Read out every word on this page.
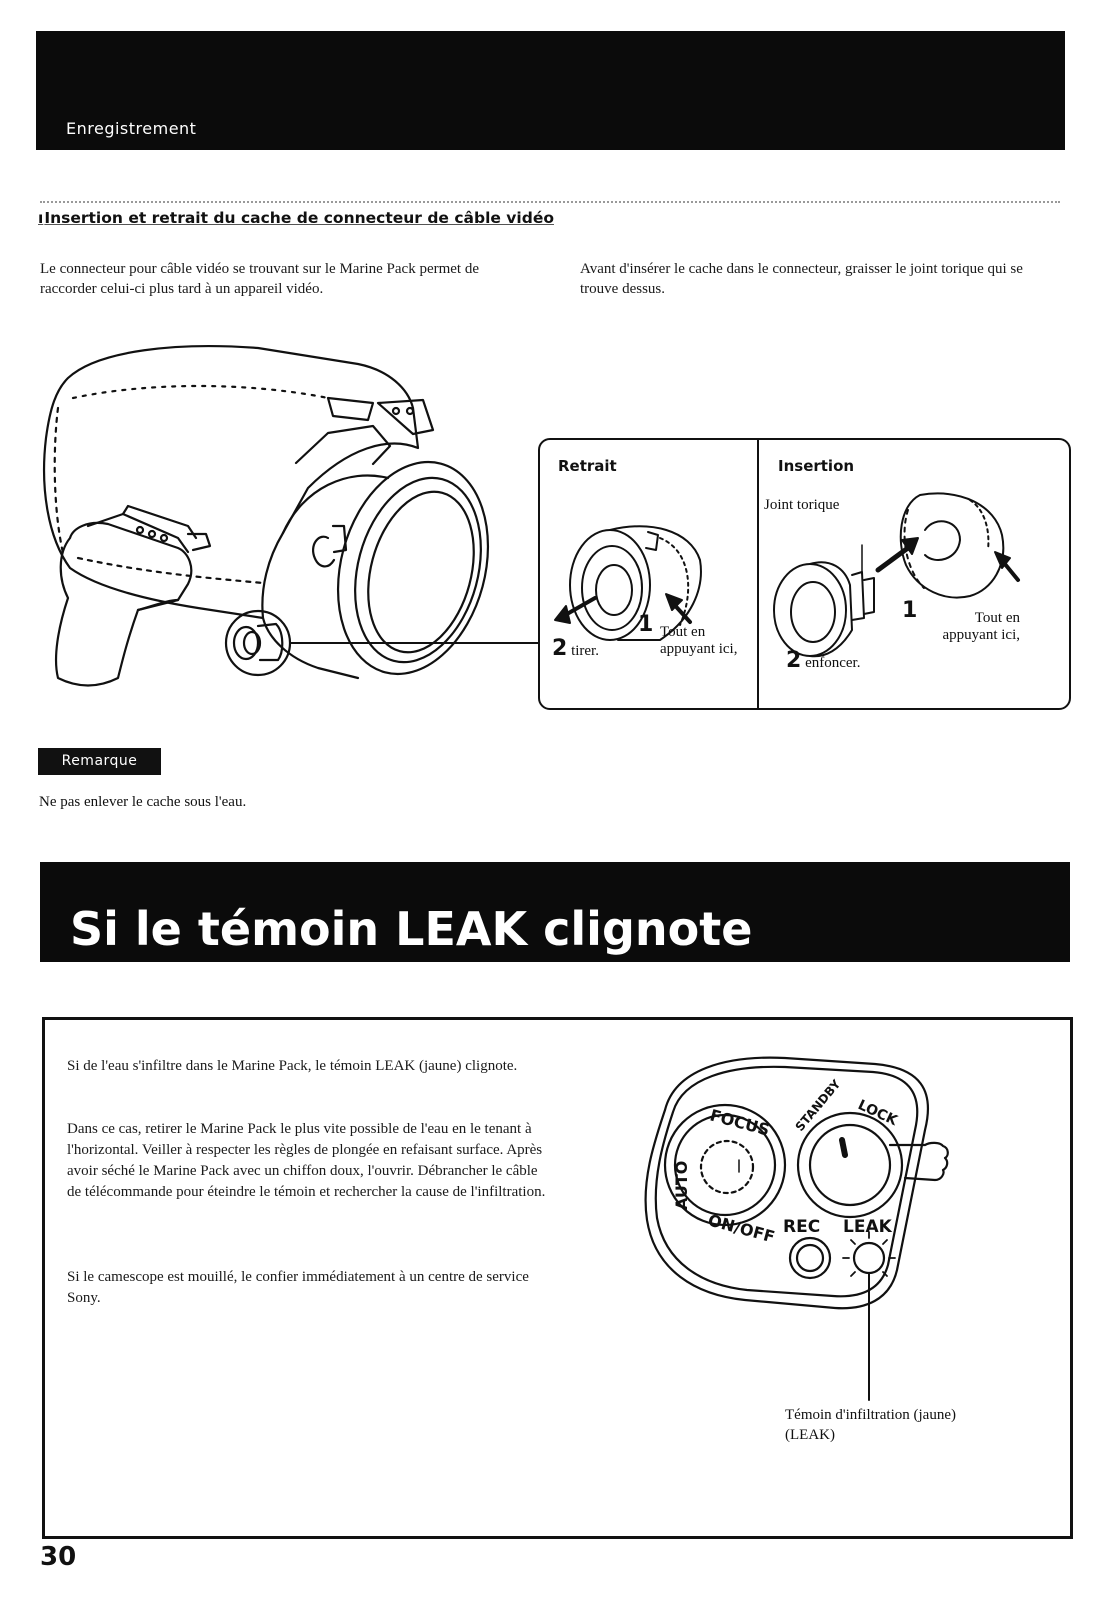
Enregistrement
ıInsertion et retrait du cache de connecteur de câble vidéo

Le connecteur pour câble vidéo se trouvant sur le Marine Pack permet de raccorder celui-ci plus tard à un appareil vidéo.

Avant d'insérer le cache dans le connecteur, graisser le joint torique qui se trouve dessus.

Retrait	Insertion
1 Tout en appuyant ici,
2 tirer.
Joint torique
1	Tout en appuyant ici,
2 enfoncer.
Remarque

Ne pas enlever le cache sous l'eau.

Si le témoin LEAK clignote

Si de l'eau s'infiltre dans le Marine Pack, le témoin LEAK (jaune) clignote.

Dans ce cas, retirer le Marine Pack le plus vite possible de l'eau en le tenant à l'horizontal. Veiller à respecter les règles de plongée en refaisant surface. Après avoir séché le Marine Pack avec un chiffon doux, l'ouvrir. Débrancher le câble de télécommande pour éteindre le témoin et rechercher la cause de l'infiltration.

Si le camescope est mouillé, le confier immédiatement à un centre de service Sony.

FOCUS
AUTO
ON/OFF
STANDBY LOCK
REC LEAK

Témoin d'infiltration (jaune) (LEAK)

30
